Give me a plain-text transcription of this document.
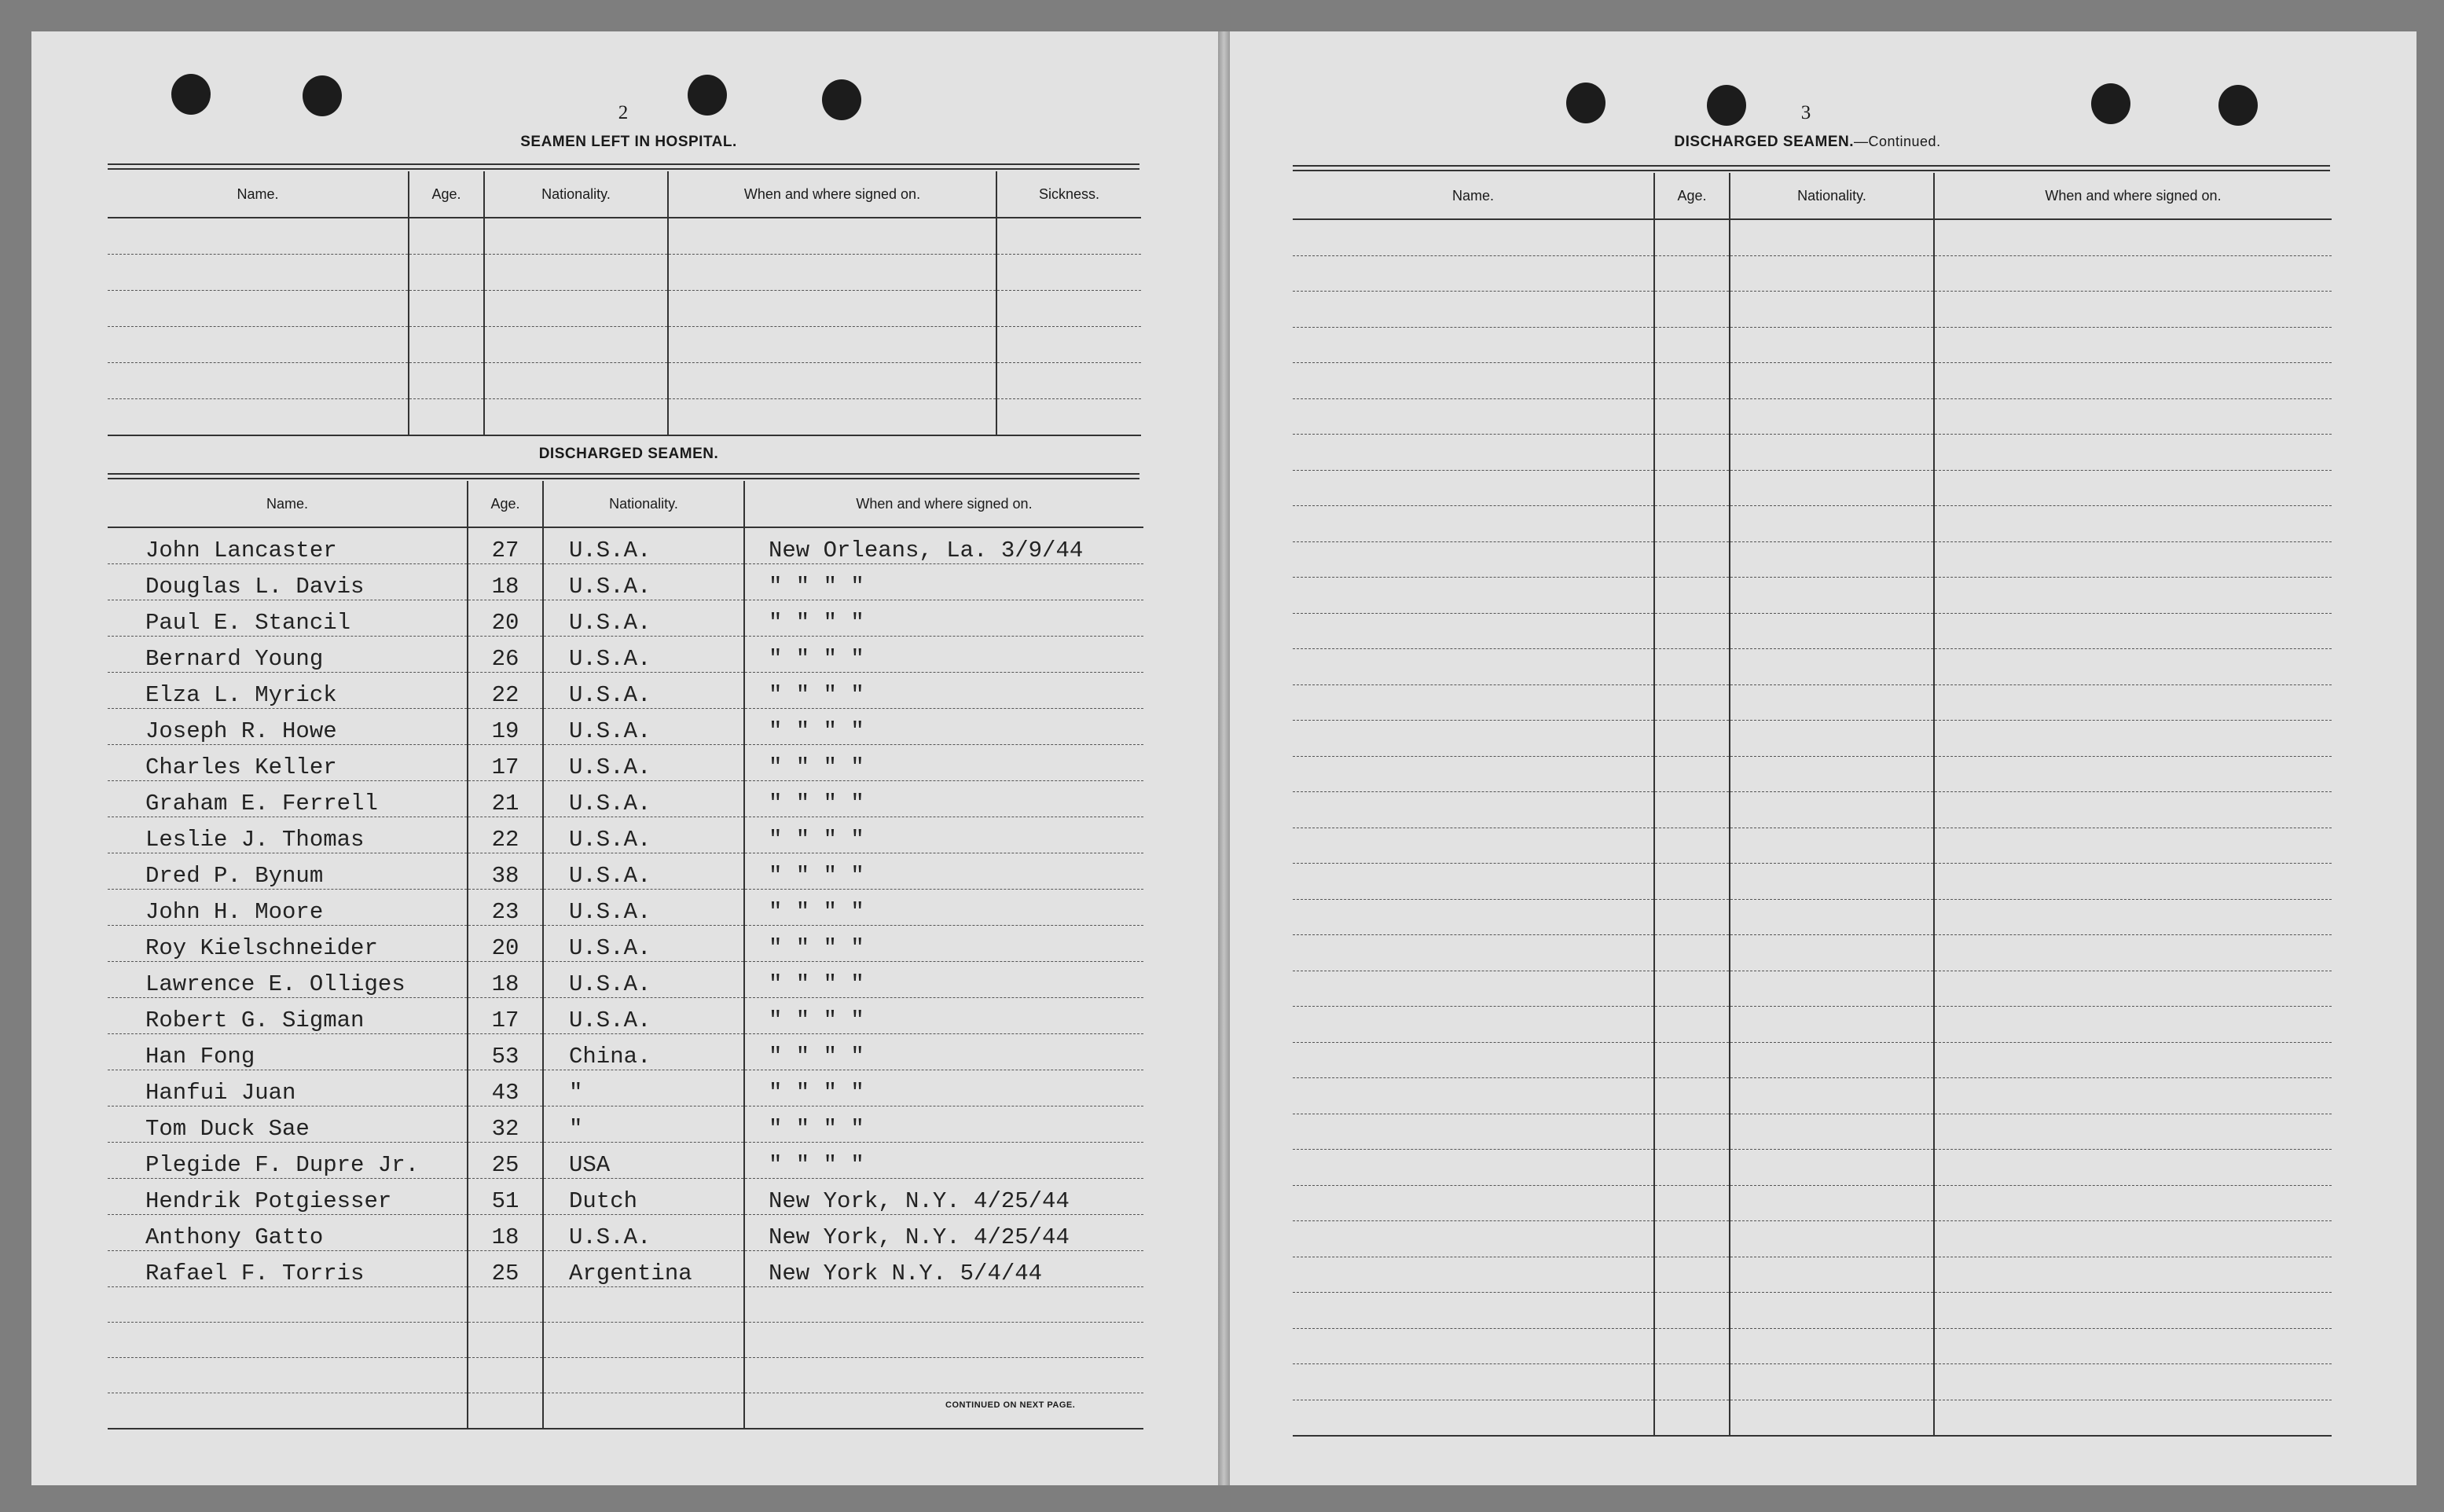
2
SEAMEN LEFT IN HOSPITAL.
Name.	Age.	Nationality.	When and where signed on.	Sickness.

DISCHARGED SEAMEN.
Name.	Age.	Nationality.	When and where signed on.
John Lancaster	27	U.S.A.	New Orleans, La. 3/9/44
Douglas L. Davis	18	U.S.A.	" " " "
Paul E. Stancil	20	U.S.A.	" " " "
Bernard Young	26	U.S.A.	" " " "
Elza L. Myrick	22	U.S.A.	" " " "
Joseph R. Howe	19	U.S.A.	" " " "
Charles Keller	17	U.S.A.	" " " "
Graham E. Ferrell	21	U.S.A.	" " " "
Leslie J. Thomas	22	U.S.A.	" " " "
Dred P. Bynum	38	U.S.A.	" " " "
John H. Moore	23	U.S.A.	" " " "
Roy Kielschneider	20	U.S.A.	" " " "
Lawrence E. Olliges	18	U.S.A.	" " " "
Robert G. Sigman	17	U.S.A.	" " " "
Han Fong	53	China.	" " " "
Hanfui Juan	43	"	" " " "
Tom Duck Sae	32	"	" " " "
Plegide F. Dupre Jr.	25	USA	" " " "
Hendrik Potgiesser	51	Dutch	New York, N.Y. 4/25/44
Anthony Gatto	18	U.S.A.	New York, N.Y. 4/25/44
Rafael F. Torris	25	Argentina	New York N.Y. 5/4/44

CONTINUED ON NEXT PAGE.
3
DISCHARGED SEAMEN.—Continued.
Name.	Age.	Nationality.	When and where signed on.
